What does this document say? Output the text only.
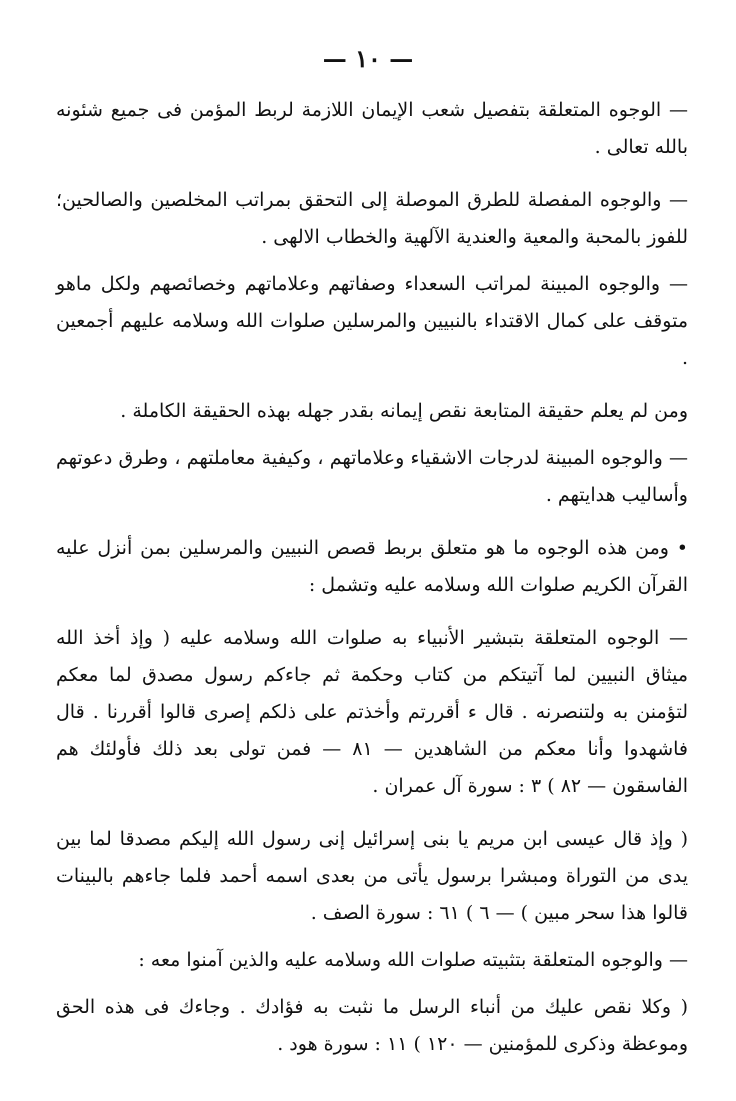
— ١٠ —

— الوجوه المتعلقة بتفصيل شعب الإيمان اللازمة لربط المؤمن فى جميع شئونه بالله تعالى .

— والوجوه المفصلة للطرق الموصلة إلى التحقق بمراتب المخلصين والصالحين؛ للفوز بالمحبة والمعية والعندية الآلهية والخطاب الالهى .

— والوجوه المبينة لمراتب السعداء وصفاتهم وعلاماتهم وخصائصهم ولكل ماهو متوقف على كمال الاقتداء بالنبيين والمرسلين صلوات الله وسلامه عليهم أجمعين .

ومن لم يعلم حقيقة المتابعة نقص إيمانه بقدر جهله بهذه الحقيقة الكاملة .

— والوجوه المبينة لدرجات الاشقياء وعلاماتهم ، وكيفية معاملتهم ، وطرق دعوتهم وأساليب هدايتهم .

• ومن هذه الوجوه ما هو متعلق بربط قصص النبيين والمرسلين بمن أنزل عليه القرآن الكريم صلوات الله وسلامه عليه وتشمل :

— الوجوه المتعلقة بتبشير الأنبياء به صلوات الله وسلامه عليه ( وإذ أخذ الله ميثاق النبيين لما آتيتكم من كتاب وحكمة ثم جاءكم رسول مصدق لما معكم لتؤمنن به ولتنصرنه . قال ء أقررتم وأخذتم على ذلكم إصرى قالوا أقررنا . قال فاشهدوا وأنا معكم من الشاهدين — ٨١ — فمن تولى بعد ذلك فأولئك هم الفاسقون — ٨٢ ) ٣ : سورة آل عمران .

( وإذ قال عيسى ابن مريم يا بنى إسرائيل إنى رسول الله إليكم مصدقا لما بين يدى من التوراة ومبشرا برسول يأتى من بعدى اسمه أحمد فلما جاءهم بالبينات قالوا هذا سحر مبين ) — ٦ ) ٦١ : سورة الصف .

— والوجوه المتعلقة بتثبيته صلوات الله وسلامه عليه والذين آمنوا معه :

( وكلا نقص عليك من أنباء الرسل ما نثبت به فؤادك . وجاءك فى هذه الحق وموعظة وذكرى للمؤمنين — ١٢٠ ) ١١ : سورة هود .
